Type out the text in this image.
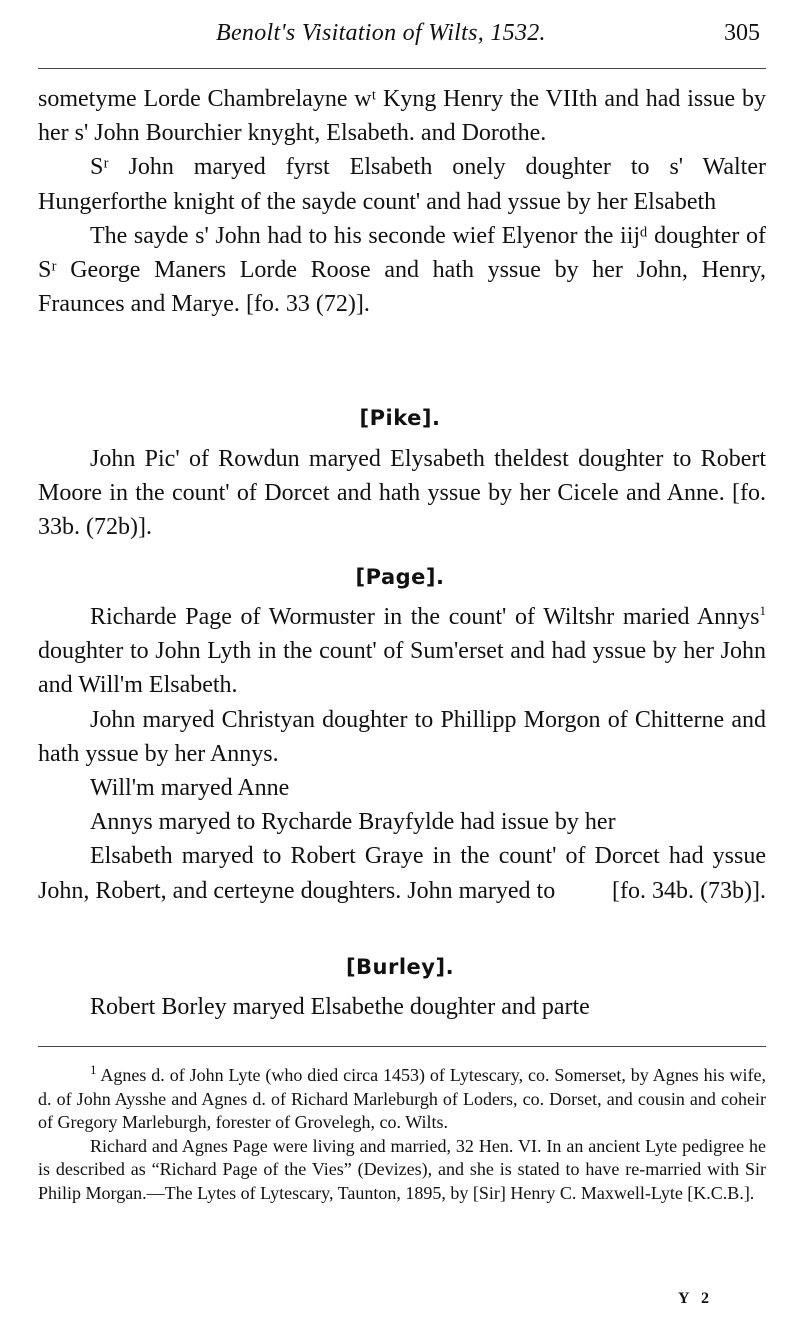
Benolt's Visitation of Wilts, 1532.	305

sometyme Lorde Chambrelayne wᵗ Kyng Henry the VIIth and had issue by her s' John Bourchier knyght, Elsabeth. and Dorothe.

Sʳ John maryed fyrst Elsabeth onely doughter to s' Walter Hungerforthe knight of the sayde count' and had yssue by her Elsabeth

The sayde s' John had to his seconde wief Elyenor the iijᵈ doughter of Sʳ George Maners Lorde Roose and hath yssue by her John, Henry, Fraunces and Marye. [fo. 33 (72)].

[Pike].

John Pic' of Rowdun maryed Elysabeth theldest doughter to Robert Moore in the count' of Dorcet and hath yssue by her Cicele and Anne. [fo. 33b. (72b)].

[Page].

Richarde Page of Wormuster in the count' of Wiltshr maried Annys$^1$ doughter to John Lyth in the count' of Sum'erset and had yssue by her John and Will'm Elsabeth.

John maryed Christyan doughter to Phillipp Morgon of Chitterne and hath yssue by her Annys.

Will'm maryed Anne

Annys maryed to Rycharde Brayfylde had issue by her

Elsabeth maryed to Robert Graye in the count' of Dorcet had yssue John, Robert, and certeyne doughters. John maryed to	[fo. 34b. (73b)].

[Burley].

Robert Borley maryed Elsabethe doughter and parte

$^1$ Agnes d. of John Lyte (who died circa 1453) of Lytescary, co. Somerset, by Agnes his wife, d. of John Aysshe and Agnes d. of Richard Marleburgh of Loders, co. Dorset, and cousin and coheir of Gregory Marleburgh, forester of Grovelegh, co. Wilts.

Richard and Agnes Page were living and married, 32 Hen. VI. In an ancient Lyte pedigree he is described as “Richard Page of the Vies” (Devizes), and she is stated to have re-married with Sir Philip Morgan.—The Lytes of Lytescary, Taunton, 1895, by [Sir] Henry C. Maxwell-Lyte [K.C.B.].

Y 2
